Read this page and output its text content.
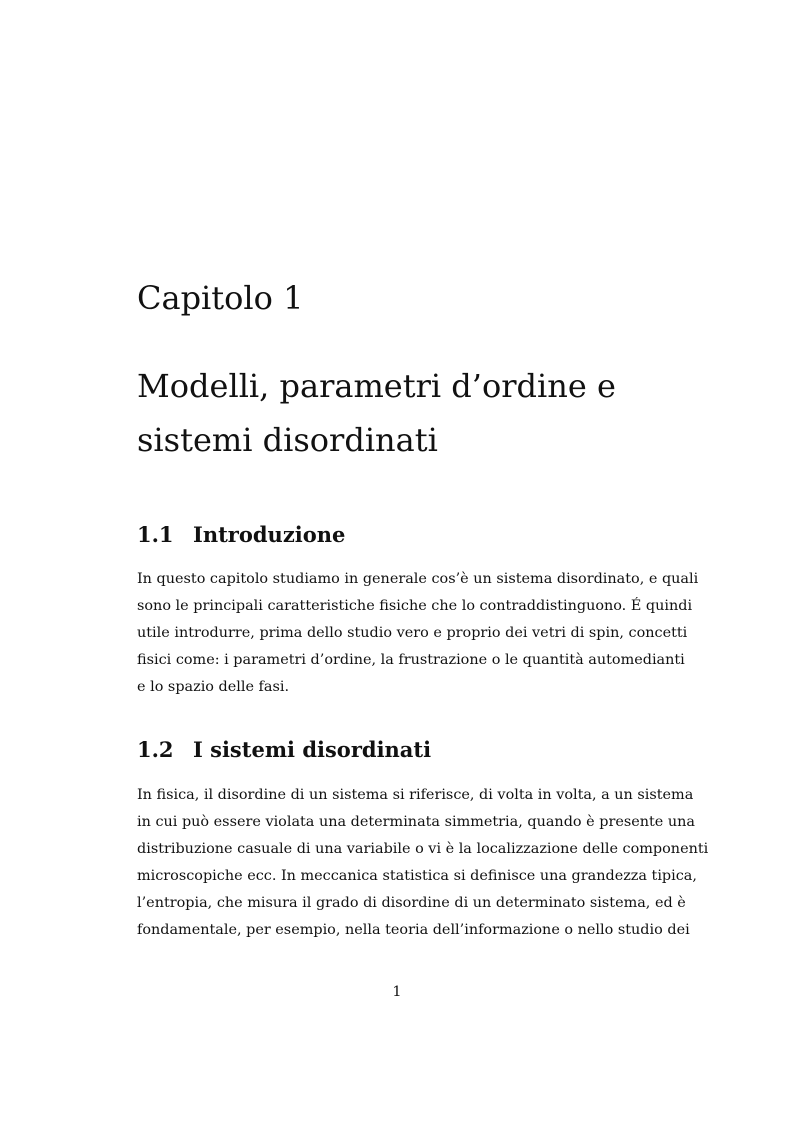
Capitolo 1
Modelli, parametri d’ordine e
sistemi disordinati
1.1 Introduzione

In questo capitolo studiamo in generale cos’è un sistema disordinato, e quali
sono le principali caratteristiche fisiche che lo contraddistinguono. É quindi
utile introdurre, prima dello studio vero e proprio dei vetri di spin, concetti
fisici come: i parametri d’ordine, la frustrazione o le quantità automedianti
e lo spazio delle fasi.

1.2 I sistemi disordinati

In fisica, il disordine di un sistema si riferisce, di volta in volta, a un sistema
in cui può essere violata una determinata simmetria, quando è presente una
distribuzione casuale di una variabile o vi è la localizzazione delle componenti
microscopiche ecc. In meccanica statistica si definisce una grandezza tipica,
l’entropia, che misura il grado di disordine di un determinato sistema, ed è
fondamentale, per esempio, nella teoria dell’informazione o nello studio dei

1
